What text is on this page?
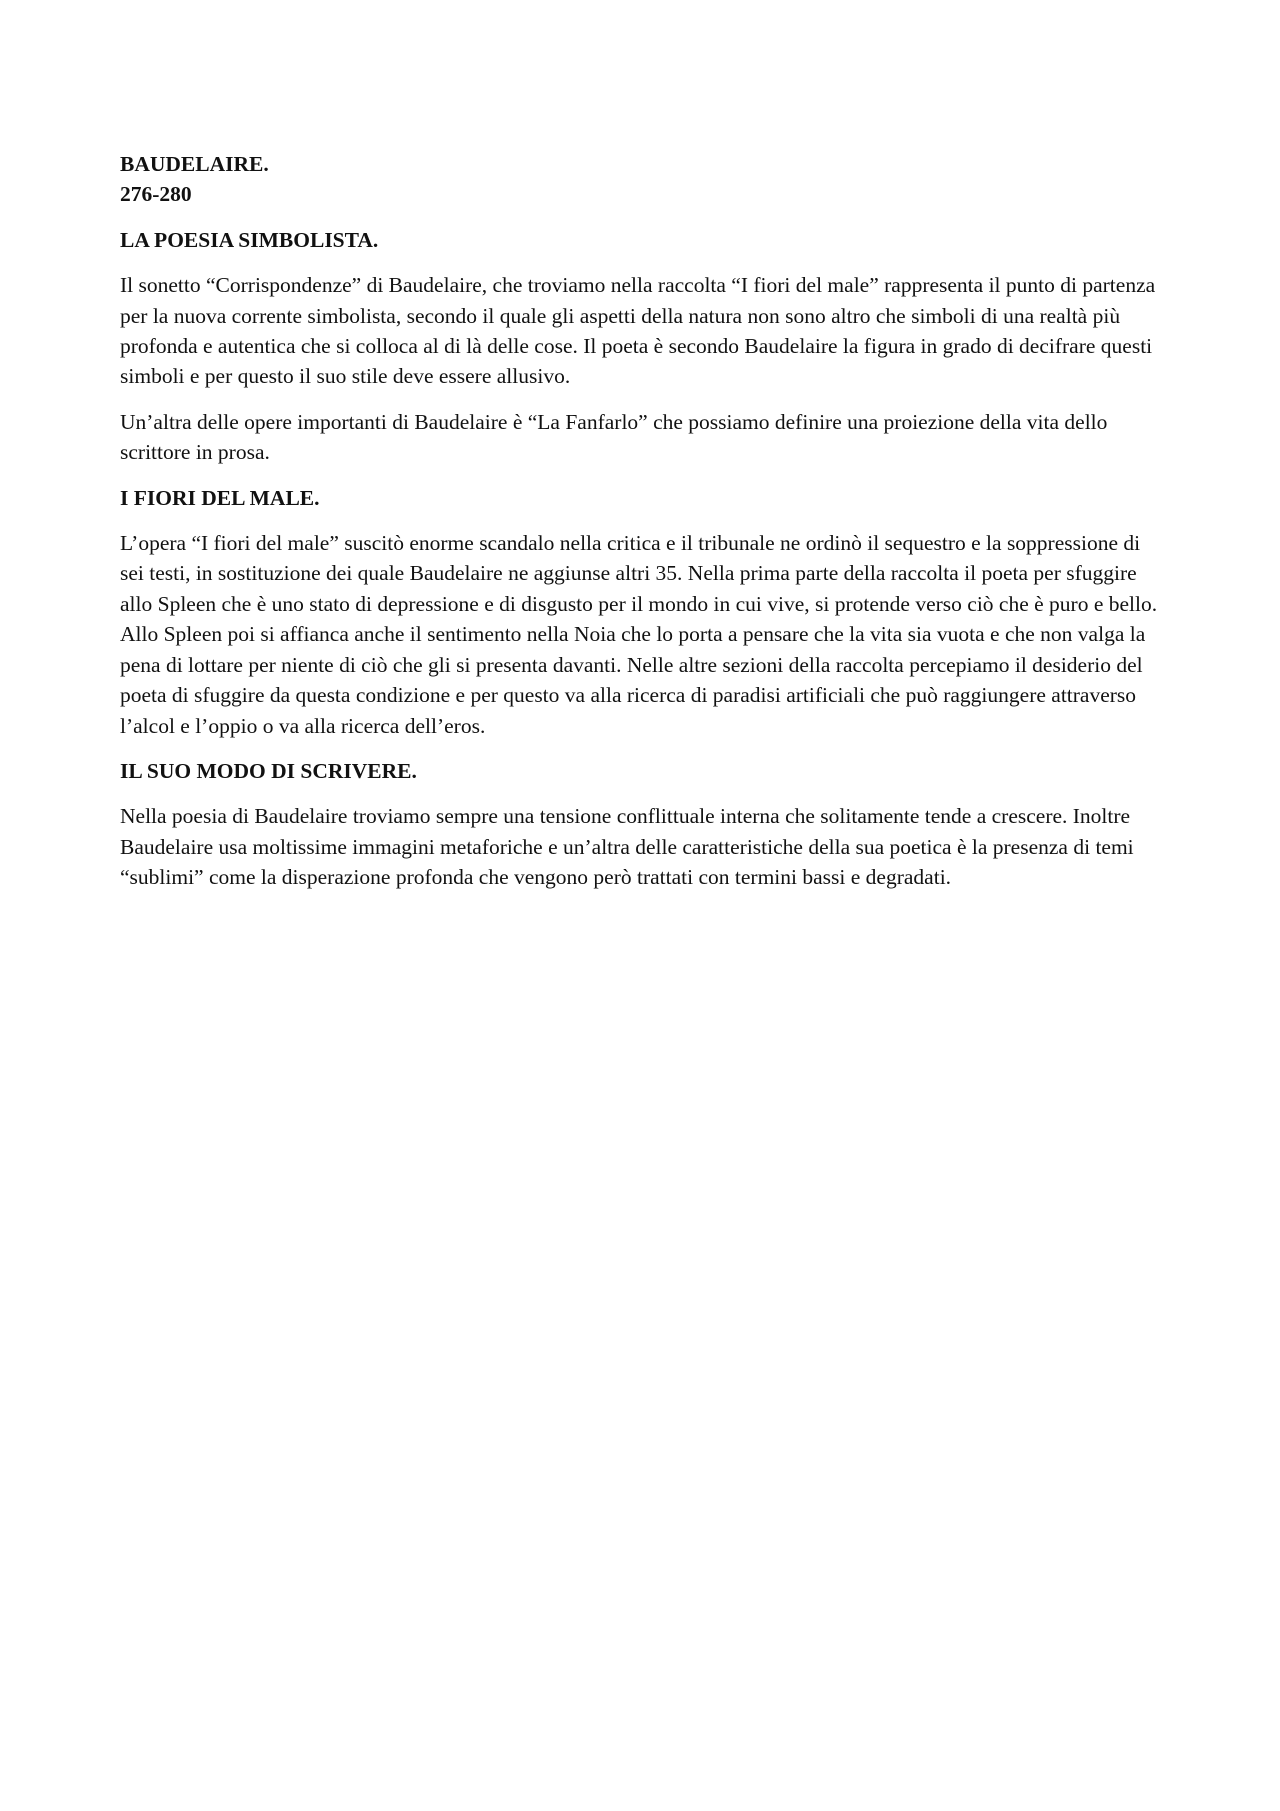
BAUDELAIRE.
276-280
LA POESIA SIMBOLISTA.

Il sonetto “Corrispondenze” di Baudelaire, che troviamo nella raccolta “I fiori del male” rappresenta il punto di partenza per la nuova corrente simbolista, secondo il quale gli aspetti della natura non sono altro che simboli di una realtà più profonda e autentica che si colloca al di là delle cose. Il poeta è secondo Baudelaire la figura in grado di decifrare questi simboli e per questo il suo stile deve essere allusivo.

Un’altra delle opere importanti di Baudelaire è “La Fanfarlo” che possiamo definire una proiezione della vita dello scrittore in prosa.

I FIORI DEL MALE.

L’opera “I fiori del male” suscitò enorme scandalo nella critica e il tribunale ne ordinò il sequestro e la soppressione di sei testi, in sostituzione dei quale Baudelaire ne aggiunse altri 35. Nella prima parte della raccolta il poeta per sfuggire allo Spleen che è uno stato di depressione e di disgusto per il mondo in cui vive, si protende verso ciò che è puro e bello. Allo Spleen poi si affianca anche il sentimento nella Noia che lo porta a pensare che la vita sia vuota e che non valga la pena di lottare per niente di ciò che gli si presenta davanti. Nelle altre sezioni della raccolta percepiamo il desiderio del poeta di sfuggire da questa condizione e per questo va alla ricerca di paradisi artificiali che può raggiungere attraverso l’alcol e l’oppio o va alla ricerca dell’eros.

IL SUO MODO DI SCRIVERE.

Nella poesia di Baudelaire troviamo sempre una tensione conflittuale interna che solitamente tende a crescere. Inoltre Baudelaire usa moltissime immagini metaforiche e un’altra delle caratteristiche della sua poetica è la presenza di temi “sublimi” come la disperazione profonda che vengono però trattati con termini bassi e degradati.
